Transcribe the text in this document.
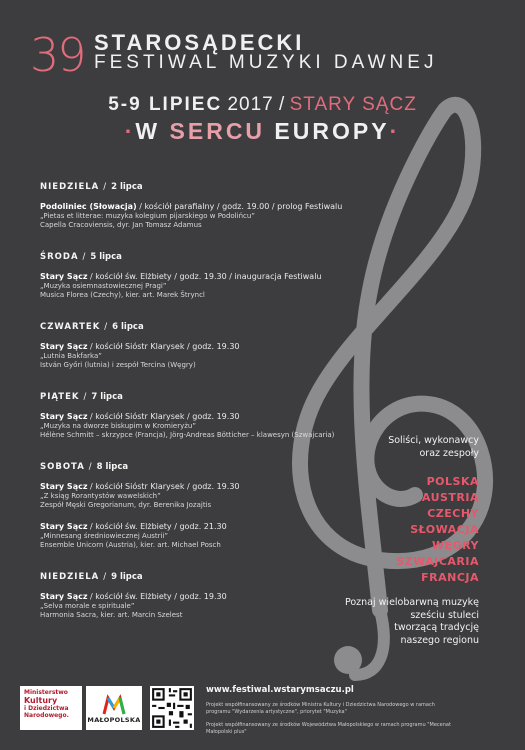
39 STAROSĄDECKI
FESTIWAL MUZYKI DAWNEJ
5-9 LIPIEC 2017 / STARY SĄCZ
·W SERCU EUROPY·
NIEDZIELA / 2 lipca
Podoliniec (Słowacja) / kościół parafialny / godz. 19.00 / prolog Festiwalu
„Pietas et litterae: muzyka kolegium pijarskiego w Podolińcu”
Capella Cracoviensis, dyr. Jan Tomasz Adamus
ŚRODA / 5 lipca
Stary Sącz / kościół św. Elżbiety / godz. 19.30 / inauguracja Festiwalu
„Muzyka osiemnastowiecznej Pragi”
Musica Florea (Czechy), kier. art. Marek Štryncl
CZWARTEK / 6 lipca
Stary Sącz / kościół Sióstr Klarysek / godz. 19.30
„Lutnia Bakfarka”
István Győri (lutnia) i zespół Tercina (Węgry)
PIĄTEK / 7 lipca
Stary Sącz / kościół Sióstr Klarysek / godz. 19.30
„Muzyka na dworze biskupim w Kromieryżu”
Hélène Schmitt – skrzypce (Francja), Jörg-Andreas Bötticher – klawesyn (Szwajcaria)
SOBOTA / 8 lipca
Stary Sącz / kościół Sióstr Klarysek / godz. 19.30
„Z ksiąg Rorantystów wawelskich”
Zespół Męski Gregorianum, dyr. Berenika Jozajtis
Stary Sącz / kościół św. Elżbiety / godz. 21.30
„Minnesang średniowiecznej Austrii”
Ensemble Unicorn (Austria), kier. art. Michael Posch
NIEDZIELA / 9 lipca
Stary Sącz / kościół św. Elżbiety / godz. 19.30
„Selva morale e spirituale”
Harmonia Sacra, kier. art. Marcin Szelest
Soliści, wykonawcy
oraz zespoły
POLSKA
AUSTRIA
CZECHY
SŁOWACJA
WĘGRY
SZWAJCARIA
FRANCJA
Poznaj wielobarwną muzykę
sześciu stuleci
tworzącą tradycję
naszego regionu
Ministerstwo
Kultury
i Dziedzictwa
Narodowego.
MAŁOPOLSKA
www.festiwal.wstarymsaczu.pl
Projekt współfinansowany ze środków Ministra Kultury i Dziedzictwa Narodowego w ramach programu "Wydarzenia artystyczne", priorytet "Muzyka"
Projekt współfinansowany ze środków Województwa Małopolskiego w ramach programu "Mecenat Małopolski plus"
